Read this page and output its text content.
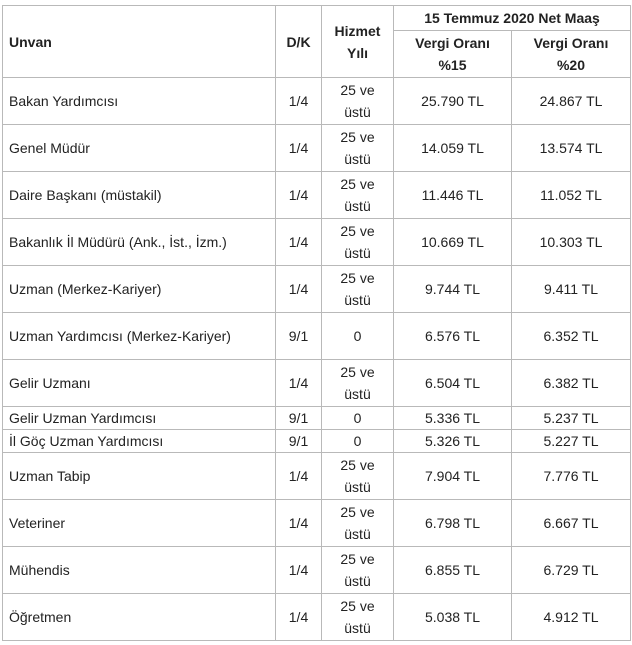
Unvan	D/K	Hizmet Yılı	15 Temmuz 2020 Net Maaş	
			Vergi Oranı %15	Vergi Oranı %20
Bakan Yardımcısı	1/4	25 ve üstü	25.790 TL	24.867 TL
Genel Müdür	1/4	25 ve üstü	14.059 TL	13.574 TL
Daire Başkanı (müstakil)	1/4	25 ve üstü	11.446 TL	11.052 TL
Bakanlık İl Müdürü (Ank., İst., İzm.)	1/4	25 ve üstü	10.669 TL	10.303 TL
Uzman (Merkez-Kariyer)	1/4	25 ve üstü	9.744 TL	9.411 TL
Uzman Yardımcısı (Merkez-Kariyer)	9/1	0	6.576 TL	6.352 TL
Gelir Uzmanı	1/4	25 ve üstü	6.504 TL	6.382 TL
Gelir Uzman Yardımcısı	9/1	0	5.336 TL	5.237 TL
İl Göç Uzman Yardımcısı	9/1	0	5.326 TL	5.227 TL
Uzman Tabip	1/4	25 ve üstü	7.904 TL	7.776 TL
Veteriner	1/4	25 ve üstü	6.798 TL	6.667 TL
Mühendis	1/4	25 ve üstü	6.855 TL	6.729 TL
Öğretmen	1/4	25 ve üstü	5.038 TL	4.912 TL
